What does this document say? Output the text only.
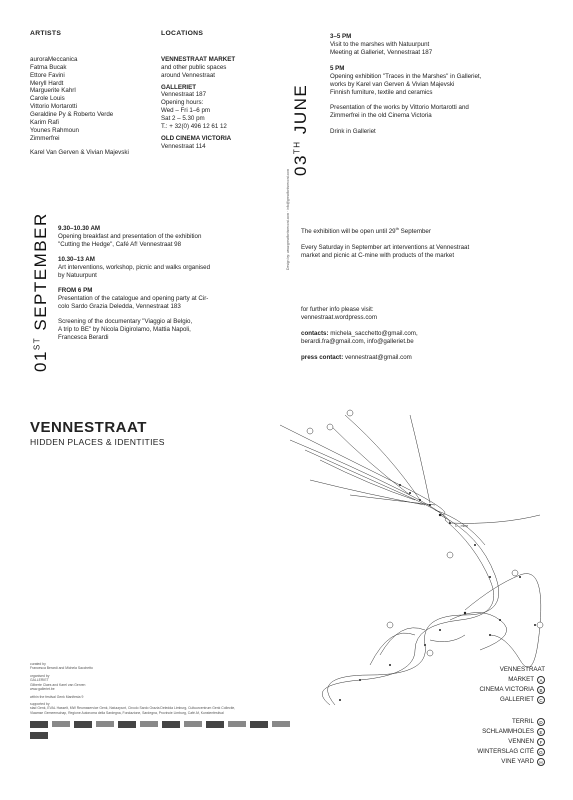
ARTISTS
auroraMeccanica
Fatma Bucak
Ettore Favini
Meryll Hardt
Marguerite Kahrl
Carole Louis
Vittorio Mortarotti
Geraldine Py & Roberto Verde
Karim Rafi
Younes Rahmoun
Zimmerfrei
Karel Van Gerven & Vivian Majevski
LOCATIONS
VENNESTRAAT MARKET
and other public spaces
around Vennestraat
GALLERIET
Vennestraat 187
Opening hours:
Wed – Fri 1–6 pm
Sat 2 – 5.30 pm
T.: + 32(0) 496 12 61 12
OLD CINEMA VICTORIA
Vennestraat 114
Design by: www.greatfortisrecord.com · info@greatfortisrecord.com
03TH JUNE
3–5 PM
Visit to the marshes with Natuurpunt
Meeting at Galleriet, Vennestraat 187
5 PM
Opening exhibition "Traces in the Marshes" in Galleriet,
works by Karel van Gerven & Vivian Majevski
Finnish furniture, textile and ceramics
Presentation of the works by Vittorio Mortarotti and
Zimmerfrei in the old Cinema Victoria
Drink in Galleriet
01ST SEPTEMBER 9.30–10.30 AM
Opening breakfast and presentation of the exhibition
"Cutting the Hedge", Café Af! Vennestraat 98
10.30–13 AM
Art interventions, workshop, picnic and walks organised
by Natuurpunt
FROM 6 PM
Presentation of the catalogue and opening party at Cir-
colo Sardo Grazia Deledda, Vennestraat 183
Screening of the documentary "Viaggio al Belgio,
A trip to BE" by Nicola Digirolamo, Mattia Napoli,
Francesca Berardi
The exhibition will be open until 29th September
Every Saturday in September art interventions at Vennestraat
market and picnic at C-mine with products of the market
for further info please visit:
vennestraat.wordpress.com
contacts: michela_sacchetto@gmail.com,
berardi.fra@gmail.com, info@galleriet.be
press contact: vennestraat@gmail.com
VENNESTRAAT
HIDDEN PLACES & IDENTITIES
C - mine
VENNESTRAAT
MARKET	A
CINEMA VICTORIA	B
GALLERIET	C
TERRIL	D
SCHLAMMHOLES	E
VENNEN	F
WINTERSLAG CITÉ	G
VINE YARD	H
curated by
Francesca Berardi and Michela Sacchetto
organised by
GALLERIET
Gilberte Claes and Karel van Gerven
www.galleriet.be
within the festival Genk Manifesta 9
supported by
stad Genk, EVAL Hasselt, MW Reumaservice Genk, Natuurpunt, Circolo Sardo Grazia Deledda Limburg, Cultuurcentrum Genk Collectie,
Vlaamse Gemeenschap, Regione Autonoma della Sardegna, Fondazione, Sardegna, Provincie Limburg, Café Af, Kunstenfestival
